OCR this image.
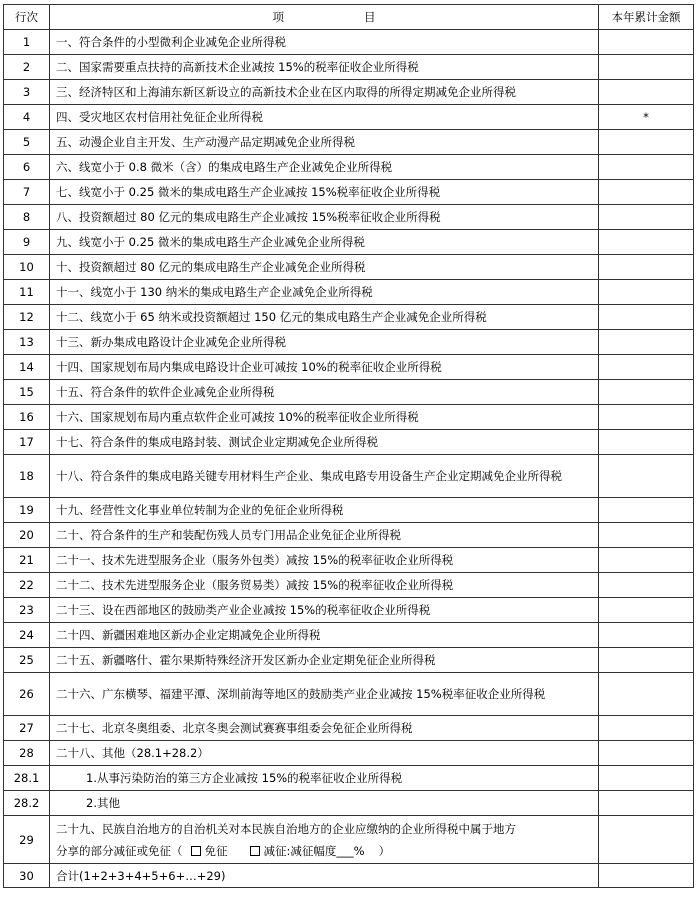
行次	项 目	本年累计金额
1	一、符合条件的小型微利企业减免企业所得税	
2	二、国家需要重点扶持的高新技术企业减按 15%的税率征收企业所得税	
3	三、经济特区和上海浦东新区新设立的高新技术企业在区内取得的所得定期减免企业所得税	
4	四、受灾地区农村信用社免征企业所得税	*
5	五、动漫企业自主开发、生产动漫产品定期减免企业所得税	
6	六、线宽小于 0.8 微米（含）的集成电路生产企业减免企业所得税	
7	七、线宽小于 0.25 微米的集成电路生产企业减按 15%税率征收企业所得税	
8	八、投资额超过 80 亿元的集成电路生产企业减按 15%税率征收企业所得税	
9	九、线宽小于 0.25 微米的集成电路生产企业减免企业所得税	
10	十、投资额超过 80 亿元的集成电路生产企业减免企业所得税	
11	十一、线宽小于 130 纳米的集成电路生产企业减免企业所得税	
12	十二、线宽小于 65 纳米或投资额超过 150 亿元的集成电路生产企业减免企业所得税	
13	十三、新办集成电路设计企业减免企业所得税	
14	十四、国家规划布局内集成电路设计企业可减按 10%的税率征收企业所得税	
15	十五、符合条件的软件企业减免企业所得税	
16	十六、国家规划布局内重点软件企业可减按 10%的税率征收企业所得税	
17	十七、符合条件的集成电路封装、测试企业定期减免企业所得税	
18	十八、符合条件的集成电路关键专用材料生产企业、集成电路专用设备生产企业定期减免企业所得税	
19	十九、经营性文化事业单位转制为企业的免征企业所得税	
20	二十、符合条件的生产和装配伤残人员专门用品企业免征企业所得税	
21	二十一、技术先进型服务企业（服务外包类）减按 15%的税率征收企业所得税	
22	二十二、技术先进型服务企业（服务贸易类）减按 15%的税率征收企业所得税	
23	二十三、设在西部地区的鼓励类产业企业减按 15%的税率征收企业所得税	
24	二十四、新疆困难地区新办企业定期减免企业所得税	
25	二十五、新疆喀什、霍尔果斯特殊经济开发区新办企业定期免征企业所得税	
26	二十六、广东横琴、福建平潭、深圳前海等地区的鼓励类产业企业减按 15%税率征收企业所得税	
27	二十七、北京冬奥组委、北京冬奥会测试赛赛事组委会免征企业所得税	
28	二十八、其他（28.1+28.2）	
28.1	1.从事污染防治的第三方企业减按 15%的税率征收企业所得税	
28.2	2.其他	
29	二十九、民族自治地方的自治机关对本民族自治地方的企业应缴纳的企业所得税中属于地方
分享的部分减征或免征（ 免征 减征:减征幅度___% ）	

30	合计(1+2+3+4+5+6+…+29)	
